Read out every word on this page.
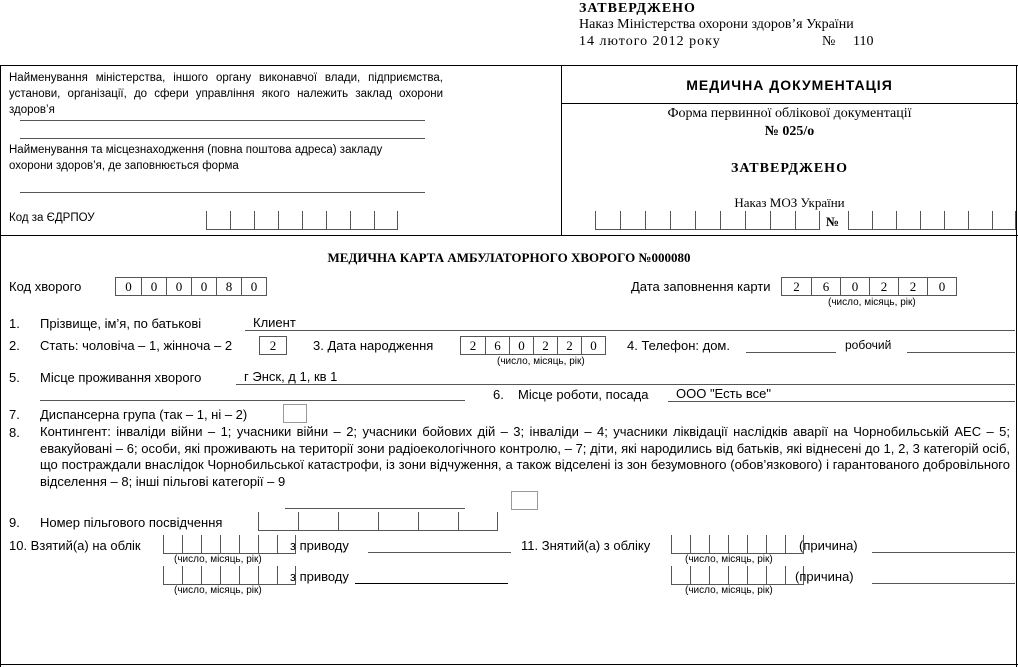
ЗАТВЕРДЖЕНО
Наказ Міністерства охорони здоров’я України
14 лютого 2012 року	№ 110
Найменування міністерства, іншого органу виконавчої влади, підприємства, установи, організації, до сфери управління якого належить заклад охорони здоров’я
Найменування та місцезнаходження (повна поштова адреса) закладу охорони здоров’я, де заповнюється форма
Код за ЄДРПОУ
МЕДИЧНА ДОКУМЕНТАЦІЯ
Форма первинної облікової документації
№ 025/о
ЗАТВЕРДЖЕНО
Наказ МОЗ України
№
МЕДИЧНА КАРТА АМБУЛАТОРНОГО ХВОРОГО №000080
Код хворого	0	0	0	0	8	0	Дата заповнення карти	2	6	0	2	2	0
(число, місяць, рік)
1. Прізвище, ім’я, по батькові	Клиент
2. Стать: чоловіча – 1, жінноча – 2	2	3. Дата народження	2	6	0	2	2	0
(число, місяць, рік)
4. Телефон: дом.	робочий
5. Місце проживання хворого	г Энск, д 1, кв 1
6. Місце роботи, посада ООО "Есть все"
7. Диспансерна група (так – 1, ні – 2)
8. Контингент: інваліди війни – 1; учасники війни – 2; учасники бойових дій – 3; інваліди – 4; учасники ліквідації наслідків аварії на Чорнобильській АЕС – 5; евакуйовані – 6; особи, які проживають на території зони радіоекологічного контролю, – 7; діти, які народились від батьків, які віднесені до 1, 2, 3 категорій осіб, що постраждали внаслідок Чорнобильської катастрофи, із зони відчуження, а також відселені із зон безумовного (обов’язкового) і гарантованого добровільного відселення – 8; інші пільгові категорії – 9
9. Номер пільгового посвідчення
10. Взятий(а) на облік
(число, місяць, рік)
з приводу
(число, місяць, рік)
з приводу
11. Знятий(а) з обліку
(число, місяць, рік)
(причина)
(число, місяць, рік)
(причина)
